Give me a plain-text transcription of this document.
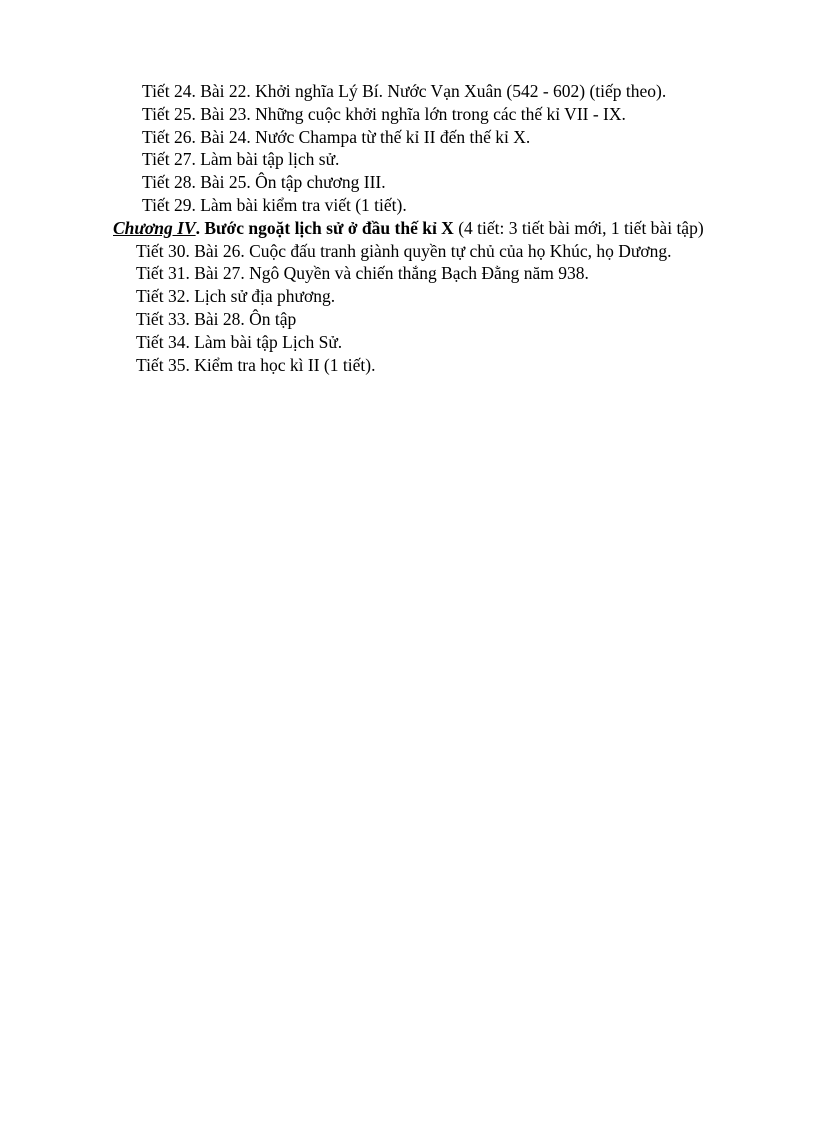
Tiết 24. Bài 22. Khởi nghĩa Lý Bí. Nước Vạn Xuân (542 - 602) (tiếp theo).
Tiết 25. Bài 23. Những cuộc khởi nghĩa lớn trong các thế kỉ VII - IX.
Tiết 26. Bài 24. Nước Champa từ thế kỉ II đến thế kỉ X.
Tiết 27. Làm bài tập lịch sử.
Tiết 28. Bài 25. Ôn tập chương III.
Tiết 29. Làm bài kiểm tra viết (1 tiết).
Chương IV. Bước ngoặt lịch sử ở đầu thế kỉ X (4 tiết: 3 tiết bài mới, 1 tiết bài tập)
Tiết 30. Bài 26. Cuộc đấu tranh giành quyền tự chủ của họ Khúc, họ Dương.
Tiết 31. Bài 27. Ngô Quyền và chiến thắng Bạch Đằng năm 938.
Tiết 32. Lịch sử địa phương.
Tiết 33. Bài 28. Ôn tập
Tiết 34. Làm bài tập Lịch Sử.
Tiết 35. Kiểm tra học kì II (1 tiết).
